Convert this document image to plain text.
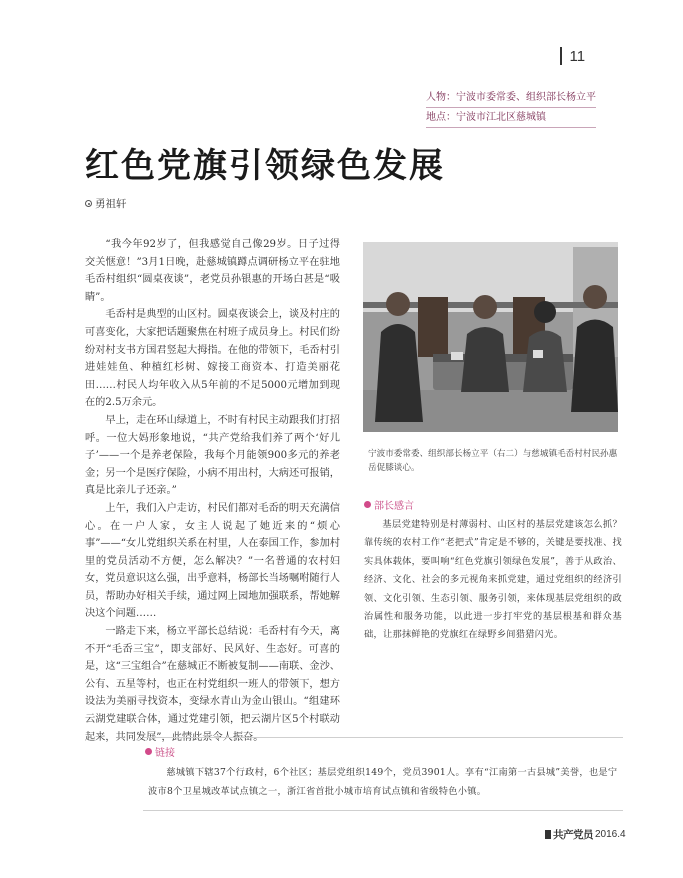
11
人物：宁波市委常委、组织部长杨立平
地点：宁波市江北区慈城镇
红色党旗引领绿色发展
勇祖轩

“我今年92岁了，但我感觉自己像29岁。日子过得交关惬意！”3月1日晚，赴慈城镇蹲点调研杨立平在驻地毛岙村组织“圆桌夜谈”，老党员孙银惠的开场白甚是“吸睛”。

毛岙村是典型的山区村。圆桌夜谈会上，谈及村庄的可喜变化，大家把话题聚焦在村班子成员身上。村民们纷纷对村支书方国君竖起大拇指。在他的带领下，毛岙村引进娃娃鱼、种植红杉树、嫁接工商资本、打造美丽花田……村民人均年收入从5年前的不足5000元增加到现在的2.5万余元。

早上，走在环山绿道上，不时有村民主动跟我们打招呼。一位大妈形象地说，“共产党给我们养了两个‘好儿子’——一个是养老保险，我每个月能领900多元的养老金；另一个是医疗保险，小病不用出村，大病还可报销，真是比亲儿子还亲。”

上午，我们入户走访，村民们都对毛岙的明天充满信心。在一户人家，女主人说起了她近来的“烦心事”——“女儿党组织关系在村里，人在泰国工作，参加村里的党员活动不方便，怎么解决？”一名普通的农村妇女，党员意识这么强，出乎意料，杨部长当场嘱咐随行人员，帮助办好相关手续，通过网上园地加强联系，帮她解决这个问题……

一路走下来，杨立平部长总结说：毛岙村有今天，离不开“毛岙三宝”，即支部好、民风好、生态好。可喜的是，这“三宝组合”在慈城正不断被复制——南联、金沙、公有、五星等村，也正在村党组织一班人的带领下，想方设法为美丽寻找资本，变绿水青山为金山银山。“组建环云湖党建联合体，通过党建引领，把云湖片区5个村联动起来，共同发展”，此情此景令人振奋。

宁波市委常委、组织部长杨立平（右二）与慈城镇毛岙村村民孙惠岳促膝谈心。
部长感言
基层党建特别是村薄弱村、山区村的基层党建该怎么抓？靠传统的农村工作“老把式”肯定是不够的，关键是要找准、找实具体载体，要叫响“红色党旗引领绿色发展”，善于从政治、经济、文化、社会的多元视角来抓党建，通过党组织的经济引领、文化引领、生态引领、服务引领，来体现基层党组织的政治属性和服务功能，以此进一步打牢党的基层根基和群众基础，让那抹鲜艳的党旗红在绿野乡间猎猎闪光。
链接
慈城镇下辖37个行政村，6个社区；基层党组织149个，党员3901人。享有“江南第一古县城”美誉，也是宁波市8个卫星城改革试点镇之一，浙江省首批小城市培育试点镇和省级特色小镇。
共产党员 2016.4
